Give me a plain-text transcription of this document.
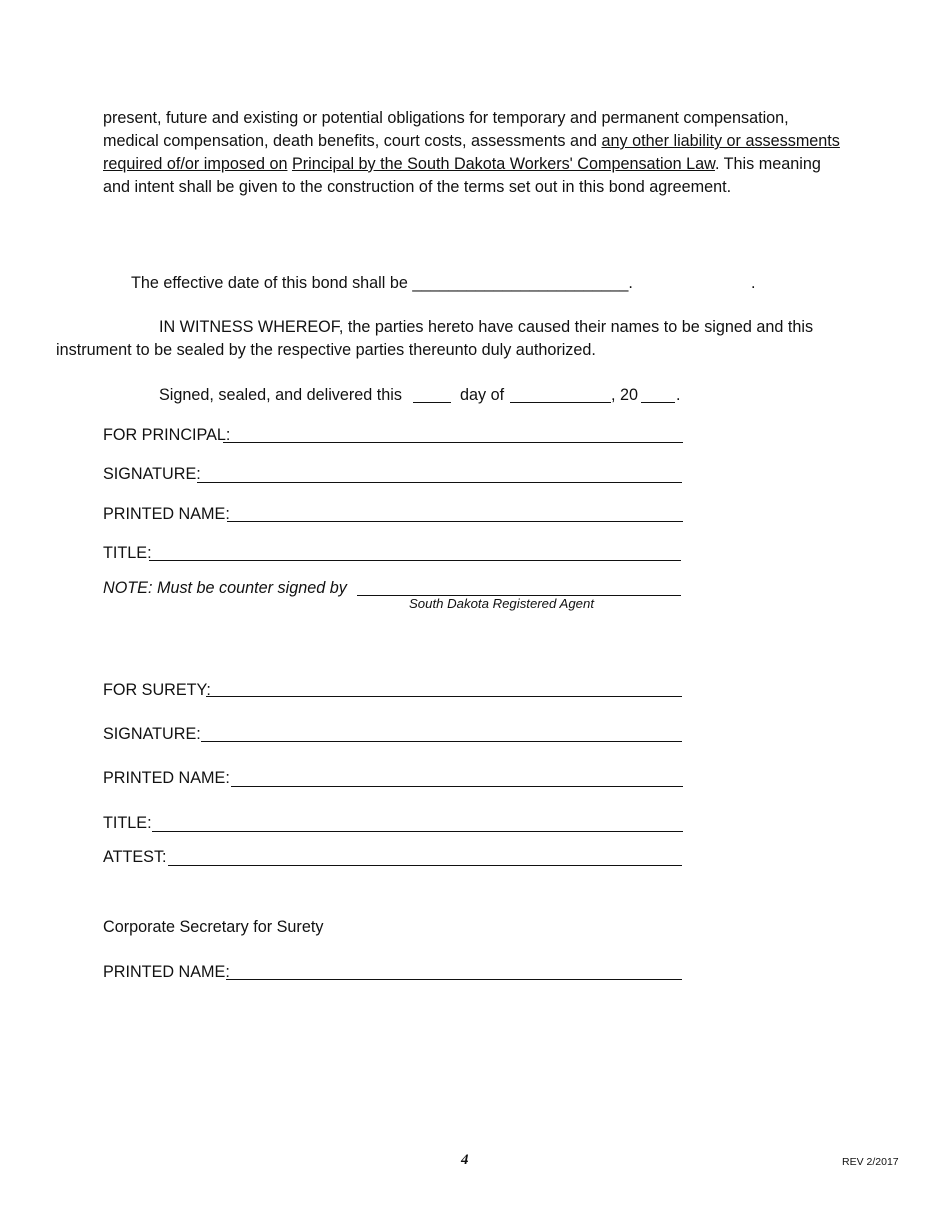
present, future and existing or potential obligations for temporary and permanent compensation, medical compensation, death benefits, court costs, assessments and any other liability or assessments required of/or imposed on Principal by the South Dakota Workers' Compensation Law. This meaning and intent shall be given to the construction of the terms set out in this bond agreement.
The effective date of this bond shall be ________________________.	.
IN WITNESS WHEREOF, the parties hereto have caused their names to be signed and this
instrument to be sealed by the respective parties thereunto duly authorized.
Signed, sealed, and delivered this	day of	, 20 .
FOR PRINCIPAL:
SIGNATURE:
PRINTED NAME:
TITLE:
NOTE: Must be counter signed by
South Dakota Registered Agent
FOR SURETY:
SIGNATURE:
PRINTED NAME:
TITLE:
ATTEST:
Corporate Secretary for Surety
PRINTED NAME:
4	REV 2/2017
